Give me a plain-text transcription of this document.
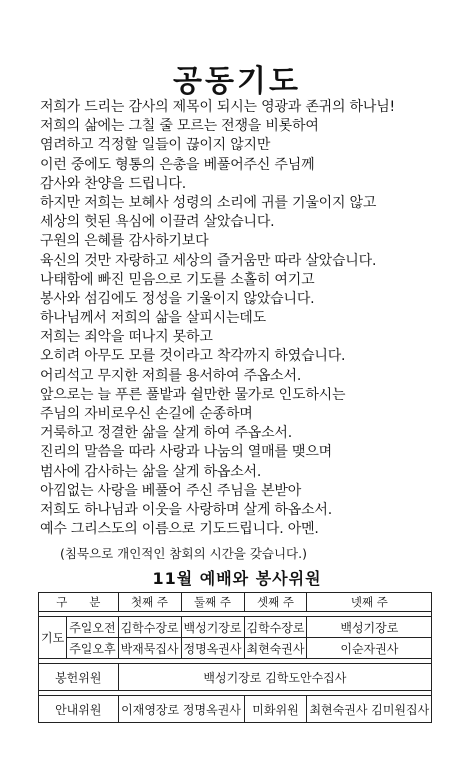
공동기도
저희가 드리는 감사의 제목이 되시는 영광과 존귀의 하나님!
저희의 삶에는 그칠 줄 모르는 전쟁을 비롯하여
염려하고 걱정할 일들이 끊이지 않지만
이런 중에도 형통의 은총을 베풀어주신 주님께
감사와 찬양을 드립니다.
하지만 저희는 보혜사 성령의 소리에 귀를 기울이지 않고
세상의 헛된 욕심에 이끌려 살았습니다.
구원의 은혜를 감사하기보다
육신의 것만 자랑하고 세상의 즐거움만 따라 살았습니다.
나태함에 빠진 믿음으로 기도를 소홀히 여기고
봉사와 섬김에도 정성을 기울이지 않았습니다.
하나님께서 저희의 삶을 살피시는데도
저희는 죄악을 떠나지 못하고
오히려 아무도 모를 것이라고 착각까지 하였습니다.
어리석고 무지한 저희를 용서하여 주옵소서.
앞으로는 늘 푸른 풀밭과 쉴만한 물가로 인도하시는
주님의 자비로우신 손길에 순종하며
거룩하고 정결한 삶을 살게 하여 주옵소서.
진리의 말씀을 따라 사랑과 나눔의 열매를 맺으며
범사에 감사하는 삶을 살게 하옵소서.
아낌없는 사랑을 베풀어 주신 주님을 본받아
저희도 하나님과 이웃을 사랑하며 살게 하옵소서.
예수 그리스도의 이름으로 기도드립니다. 아멘.
(침묵으로 개인적인 참회의 시간을 갖습니다.)
11월 예배와 봉사위원
구      분		첫째 주	둘째 주	셋째 주	넷째 주

기도	주일오전	김학수장로	백성기장로	김학수장로	백성기장로
	주일오후	박재묵집사	정명옥권사	최현숙권사	이순자권사

봉헌위원		백성기장로 김학도안수집사			

안내위원		이재영장로 정명옥권사		미화위원	최현숙권사 김미원집사
